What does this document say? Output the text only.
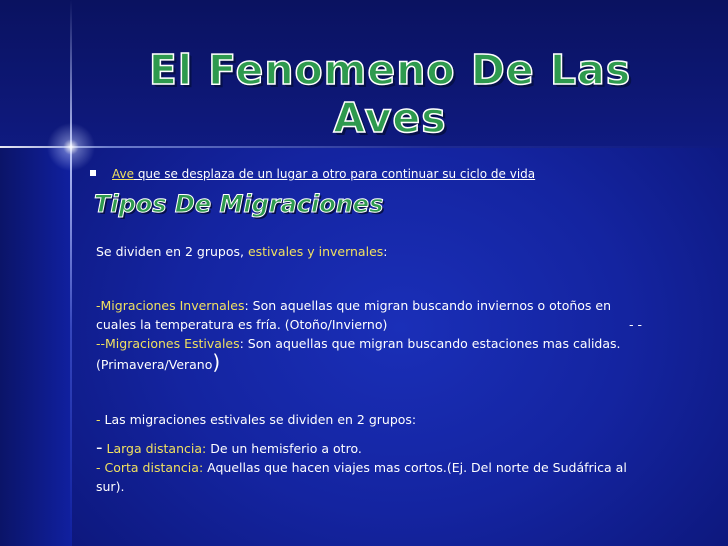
El Fenomeno De Las Aves
Ave que se desplaza de un lugar a otro para continuar su ciclo de vida
Tipos De Migraciones
Se dividen en 2 grupos, estivales y invernales:
-Migraciones Invernales: Son aquellas que migran buscando inviernos o otoños en cuales la temperatura es fría. (Otoño/Invierno)	- -
--Migraciones Estivales: Son aquellas que migran buscando estaciones mas calidas. (Primavera/Verano)
- Las migraciones estivales se dividen en 2 grupos:
- Larga distancia: De un hemisferio a otro.
- Corta distancia: Aquellas que hacen viajes mas cortos.(Ej. Del norte de Sudáfrica al sur).
